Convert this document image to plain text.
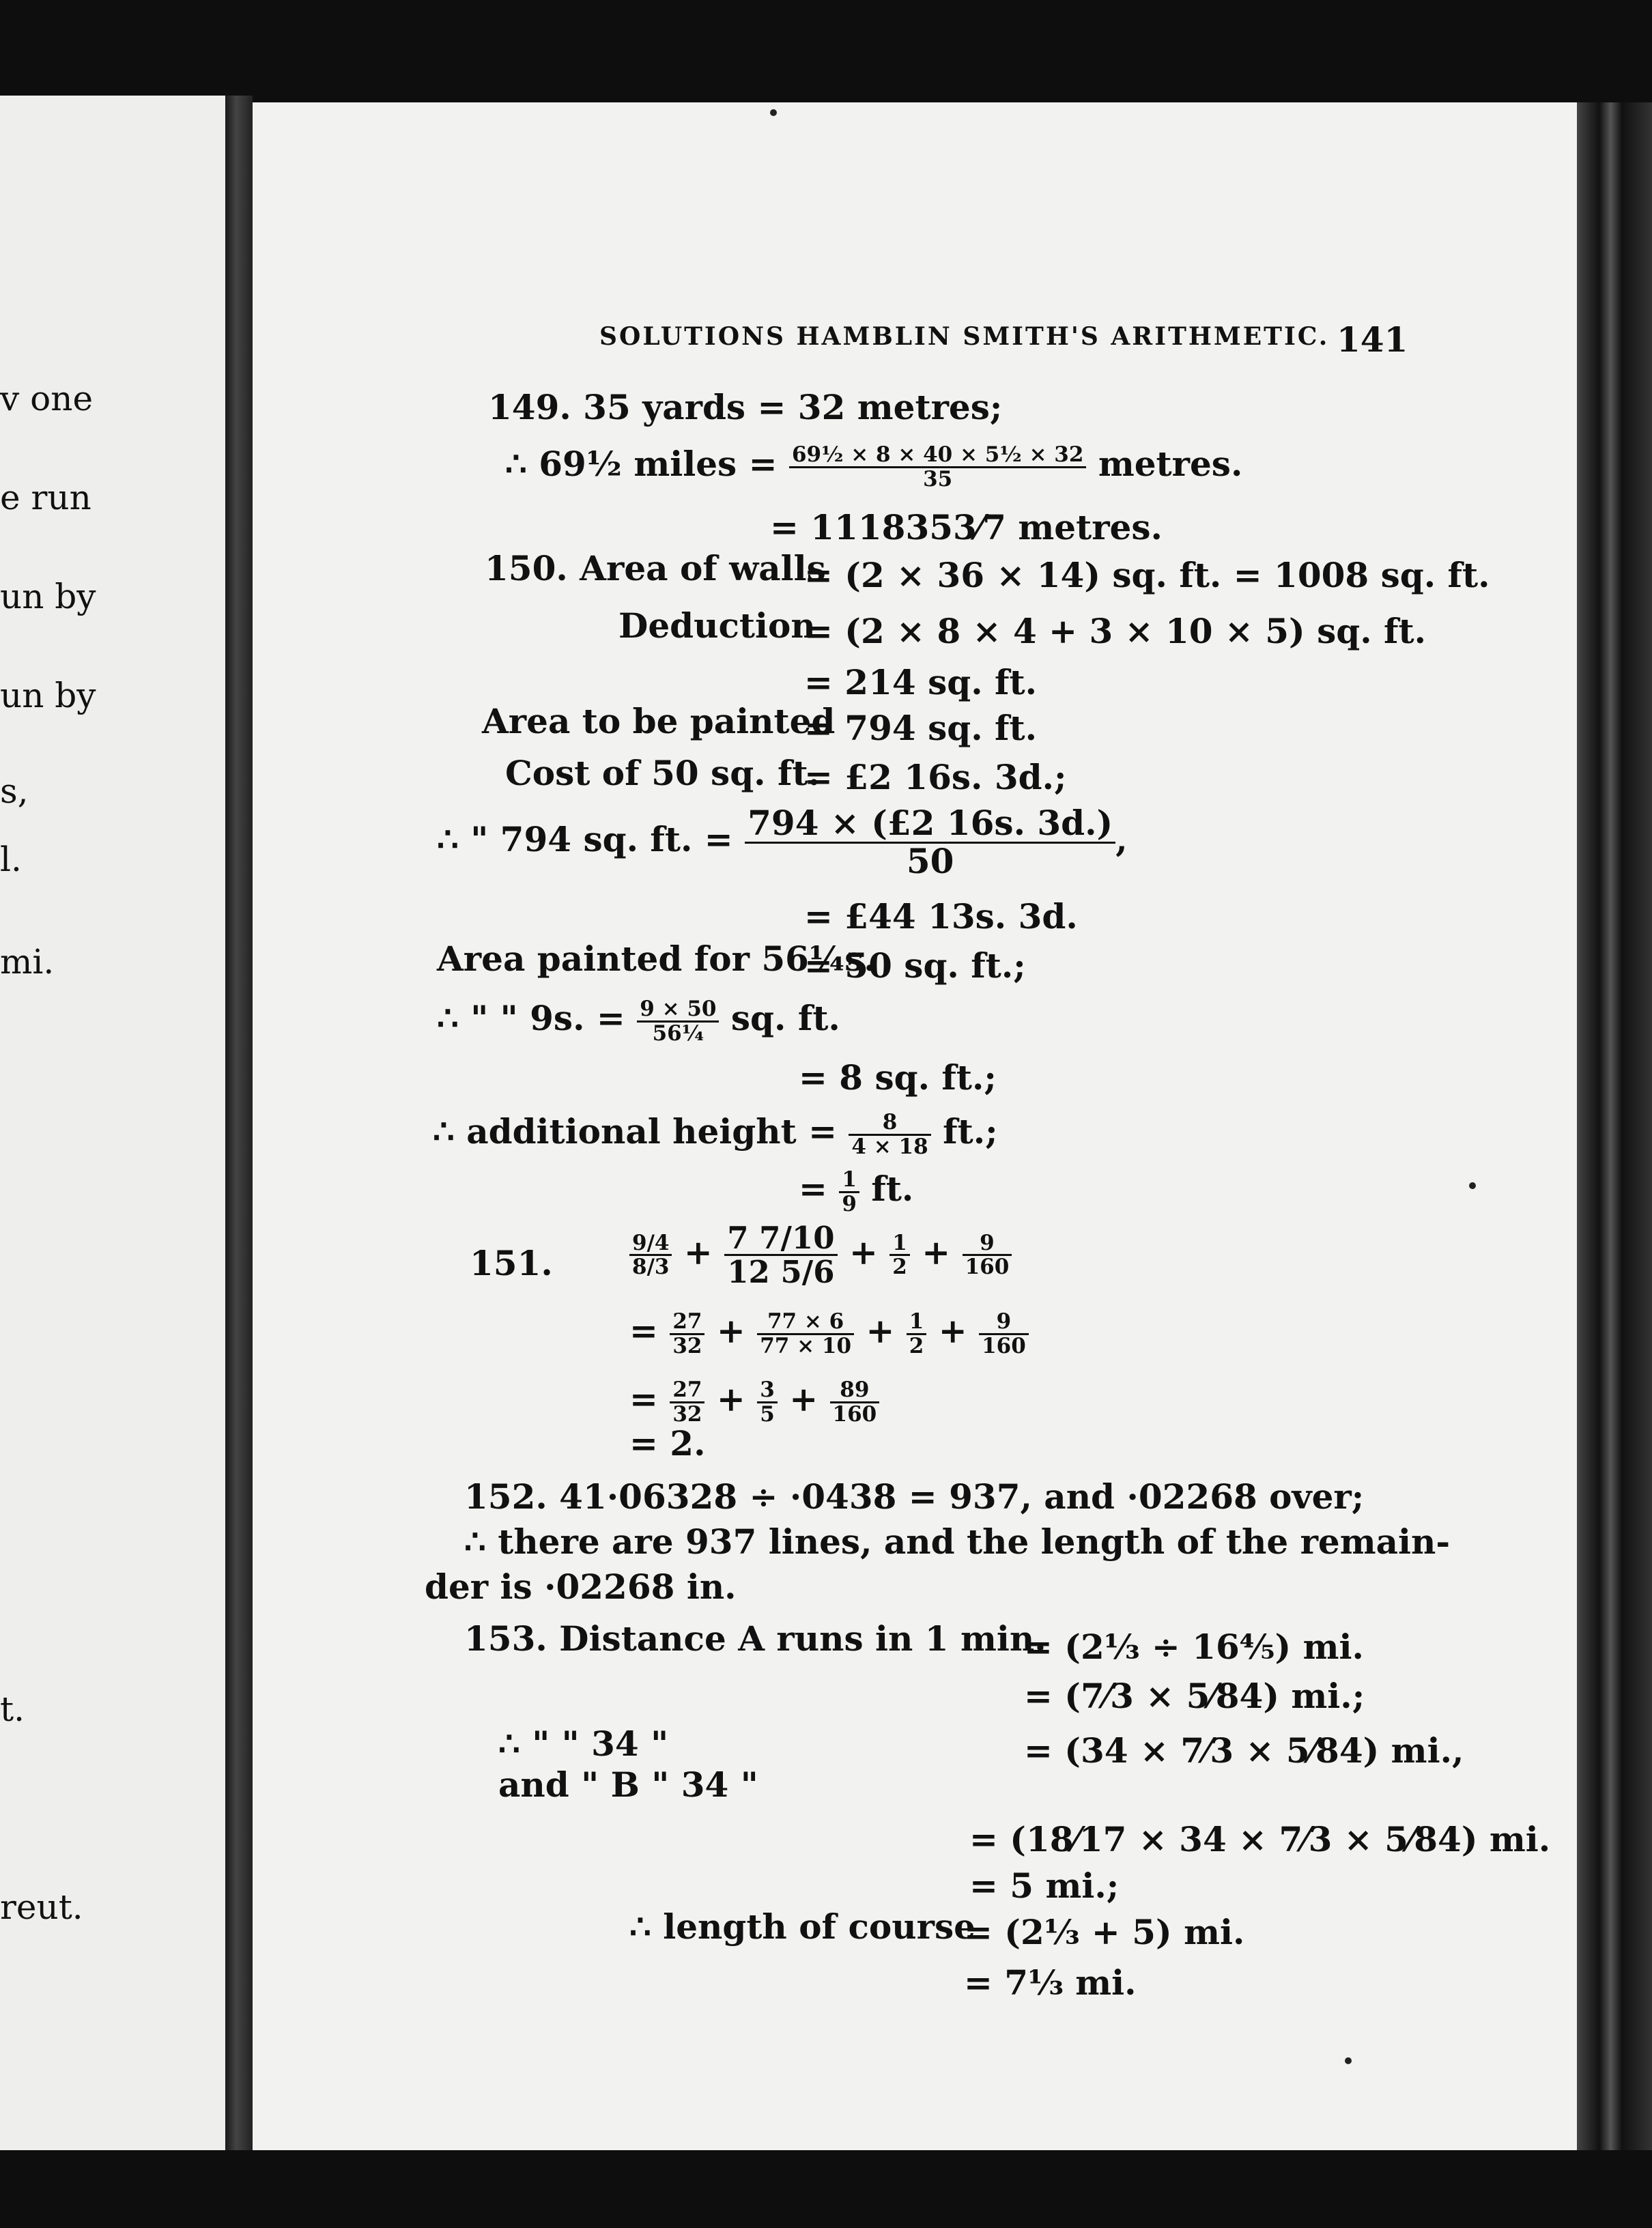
v one
e run
un by
un by
s,
l.
mi.
t.
reut.
SOLUTIONS HAMBLIN SMITH'S ARITHMETIC. 141
149. 35 yards = 32 metres;
∴ 69½ miles = $\frac{\text{69½ × 8 × 40 × 5½ × 32}}{35}$ metres.
= 1118353⁄7 metres.
150. Area of walls
= (2 × 36 × 14) sq. ft. = 1008 sq. ft.
Deduction
= (2 × 8 × 4 + 3 × 10 × 5) sq. ft.
= 214 sq. ft.
Area to be painted
= 794 sq. ft.
Cost of 50 sq. ft.
= £2 16s. 3d.;
∴ " 794 sq. ft. = $\frac{794 \times (£2 16s. 3d.)}{50}$ ,
= £44 13s. 3d.
Area painted for 56¼s.
= 50 sq. ft.;
∴ " " 9s. = $\frac{9 \times 50}{\text{56¼}}$ sq. ft.
= 8 sq. ft.;
∴ additional height = $\frac{8}{4 \times 18}$ ft.;
= $\frac{1}{9}$ ft.
151.	$\frac{9/4}{8/3} + \frac{7 7/10}{12 5/6} + \frac{1}{2} + \frac{9}{160}$
= $\frac{27}{32} + \frac{77 \times 6}{77 \times 10} + \frac{1}{2} + \frac{9}{160}$
= $\frac{27}{32} + \frac{3}{5} + \frac{89}{160}$
= 2.
152. 41·06328 ÷ ·0438 = 937, and ·02268 over;
∴ there are 937 lines, and the length of the remain-
der is ·02268 in.
153. Distance A runs in 1 min.
= (2⅓ ÷ 16⅘) mi.
= (7⁄3 × 5⁄84) mi.;
∴ " " 34 "	= (34 × 7⁄3 × 5⁄84) mi.,
and " B " 34 "
= (18⁄17 × 34 × 7⁄3 × 5⁄84) mi.
= 5 mi.;
∴ length of course
= (2⅓ + 5) mi.
= 7⅓ mi.
